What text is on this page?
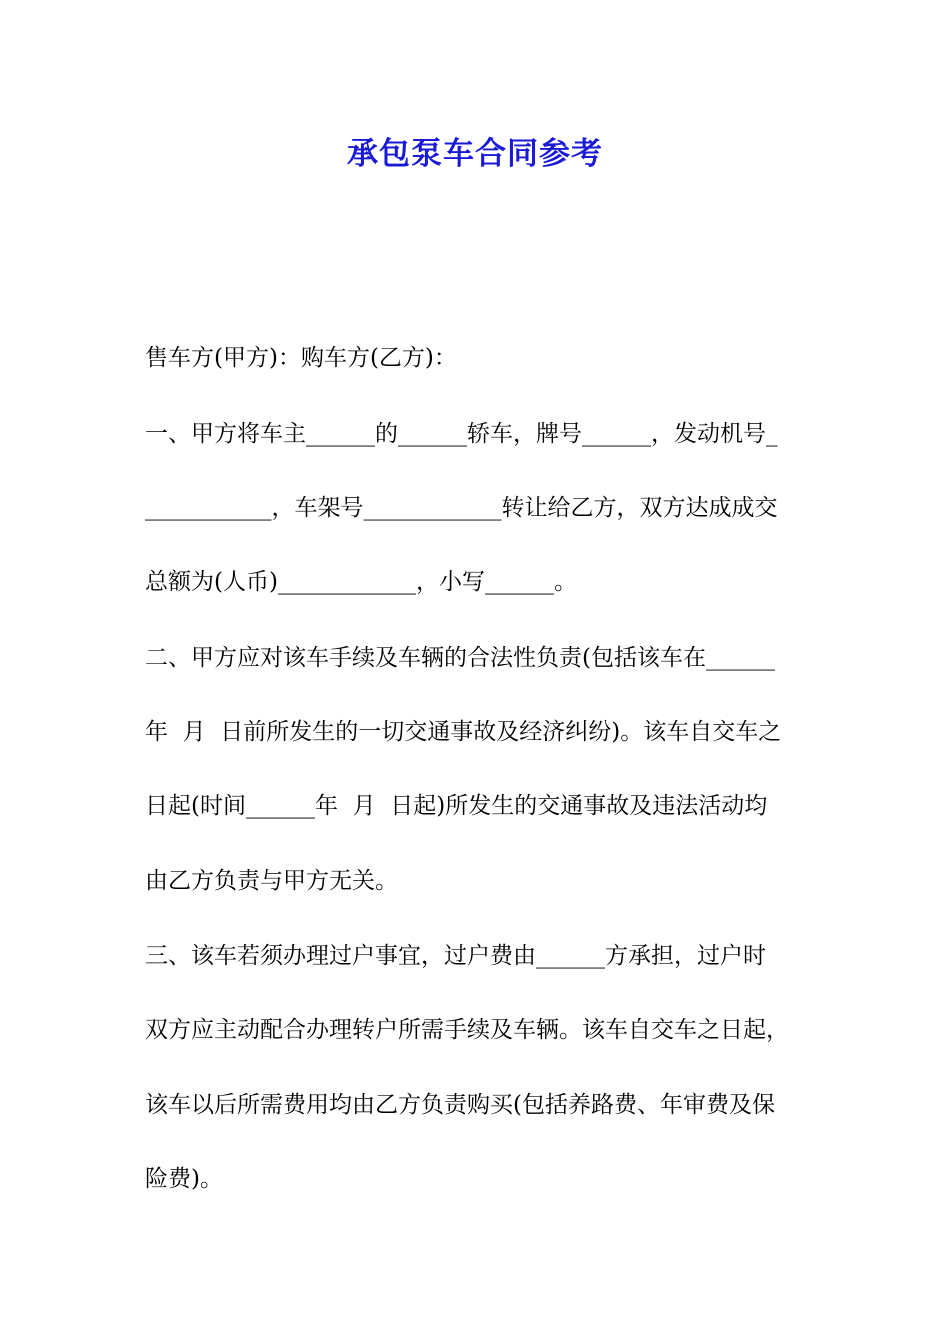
承包泵车合同参考
售车方(甲方)：购车方(乙方)：
一、甲方将车主______的______轿车，牌号______，发动机号_
___________，车架号____________转让给乙方，双方达成成交
总额为(人币)____________，小写______。
二、甲方应对该车手续及车辆的合法性负责(包括该车在______
年  月  日前所发生的一切交通事故及经济纠纷)。该车自交车之
日起(时间______年  月  日起)所发生的交通事故及违法活动均
由乙方负责与甲方无关。
三、该车若须办理过户事宜，过户费由______方承担，过户时
双方应主动配合办理转户所需手续及车辆。该车自交车之日起，
该车以后所需费用均由乙方负责购买(包括养路费、年审费及保
险费)。
